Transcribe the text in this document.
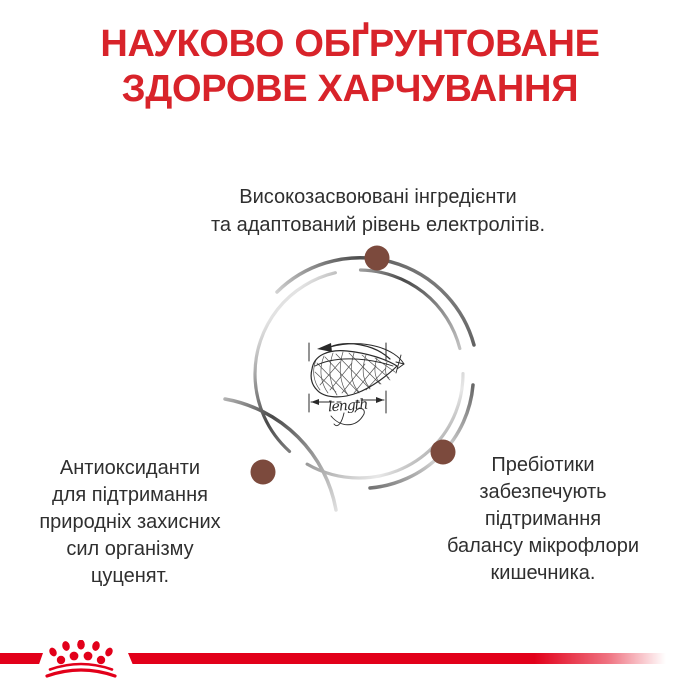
НАУКОВО ОБҐРУНТОВАНЕ
ЗДОРОВЕ ХАРЧУВАННЯ
Високозасвоювані інгредієнти
та адаптований рівень електролітів.
length
Антиоксиданти
для підтримання
природніх захисних
сил організму
цуценят.
Пребіотики
забезпечують
підтримання
балансу мікрофлори
кишечника.
